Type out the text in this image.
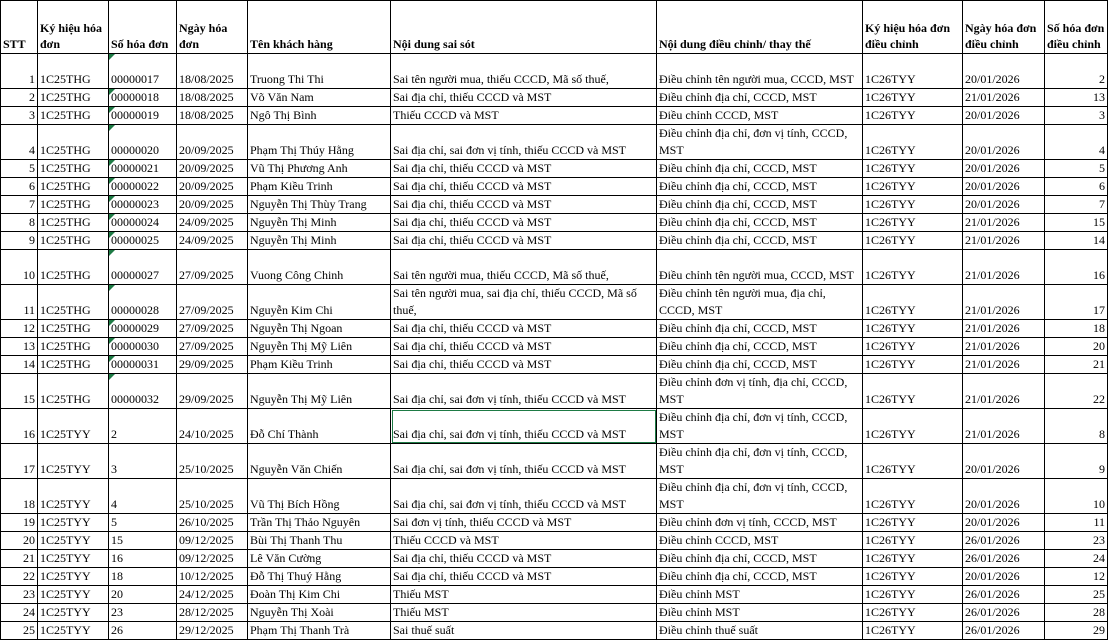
STT	Ký hiệu hóa đơn	Số hóa đơn	Ngày hóa đơn	Tên khách hàng	Nội dung sai sót	Nội dung điều chỉnh/ thay thế	Ký hiệu hóa đơn điều chỉnh	Ngày hóa đơn điều chỉnh	Số hóa đơn điều chỉnh
1	1C25THG	00000017	18/08/2025	Truong Thi Thi	Sai tên người mua, thiếu CCCD, Mã số thuế,	Điều chỉnh tên người mua, CCCD, MST	1C26TYY	20/01/2026	2
2	1C25THG	00000018	18/08/2025	Võ Văn Nam	Sai địa chỉ, thiếu CCCD và MST	Điều chỉnh địa chỉ, CCCD, MST	1C26TYY	21/01/2026	13
3	1C25THG	00000019	18/08/2025	Ngô Thị Bình	Thiếu CCCD và MST	Điều chỉnh CCCD, MST	1C26TYY	20/01/2026	3
4	1C25THG	00000020	20/09/2025	Phạm Thị Thúy Hằng	Sai địa chỉ, sai đơn vị tính, thiếu CCCD và MST	Điều chỉnh địa chỉ, đơn vị tính, CCCD, MST	1C26TYY	20/01/2026	4
5	1C25THG	00000021	20/09/2025	Vũ Thị Phương Anh	Sai địa chỉ, thiếu CCCD và MST	Điều chỉnh địa chỉ, CCCD, MST	1C26TYY	20/01/2026	5
6	1C25THG	00000022	20/09/2025	Phạm Kiều Trinh	Sai địa chỉ, thiếu CCCD và MST	Điều chỉnh địa chỉ, CCCD, MST	1C26TYY	20/01/2026	6
7	1C25THG	00000023	20/09/2025	Nguyễn Thị Thùy Trang	Sai địa chỉ, thiếu CCCD và MST	Điều chỉnh địa chỉ, CCCD, MST	1C26TYY	20/01/2026	7
8	1C25THG	00000024	24/09/2025	Nguyễn Thị Minh	Sai địa chỉ, thiếu CCCD và MST	Điều chỉnh địa chỉ, CCCD, MST	1C26TYY	21/01/2026	15
9	1C25THG	00000025	24/09/2025	Nguyễn Thị Minh	Sai địa chỉ, thiếu CCCD và MST	Điều chỉnh địa chỉ, CCCD, MST	1C26TYY	21/01/2026	14
10	1C25THG	00000027	27/09/2025	Vuong Công Chinh	Sai tên người mua, thiếu CCCD, Mã số thuế,	Điều chỉnh tên người mua, CCCD, MST	1C26TYY	21/01/2026	16
11	1C25THG	00000028	27/09/2025	Nguyễn Kim Chi	Sai tên người mua, sai địa chỉ, thiếu CCCD, Mã số thuế,	Điều chỉnh tên người mua, địa chỉ, CCCD, MST	1C26TYY	21/01/2026	17
12	1C25THG	00000029	27/09/2025	Nguyễn Thị Ngoan	Sai địa chỉ, thiếu CCCD và MST	Điều chỉnh địa chỉ, CCCD, MST	1C26TYY	21/01/2026	18
13	1C25THG	00000030	27/09/2025	Nguyễn Thị Mỹ Liên	Sai địa chỉ, thiếu CCCD và MST	Điều chỉnh địa chỉ, CCCD, MST	1C26TYY	21/01/2026	20
14	1C25THG	00000031	29/09/2025	Phạm Kiều Trinh	Sai địa chỉ, thiếu CCCD và MST	Điều chỉnh địa chỉ, CCCD, MST	1C26TYY	21/01/2026	21
15	1C25THG	00000032	29/09/2025	Nguyễn Thị Mỹ Liên	Sai địa chỉ, sai đơn vị tính, thiếu CCCD và MST	Điều chỉnh đơn vị tính, địa chỉ, CCCD, MST	1C26TYY	21/01/2026	22
16	1C25TYY	2	24/10/2025	Đỗ Chí Thành	Sai địa chỉ, sai đơn vị tính, thiếu CCCD và MST	Điều chỉnh địa chỉ, đơn vị tính, CCCD, MST	1C26TYY	21/01/2026	8
17	1C25TYY	3	25/10/2025	Nguyễn Văn Chiến	Sai địa chỉ, sai đơn vị tính, thiếu CCCD và MST	Điều chỉnh địa chỉ, đơn vị tính, CCCD, MST	1C26TYY	20/01/2026	9
18	1C25TYY	4	25/10/2025	Vũ Thị Bích Hồng	Sai địa chỉ, sai đơn vị tính, thiếu CCCD và MST	Điều chỉnh địa chỉ, đơn vị tính, CCCD, MST	1C26TYY	20/01/2026	10
19	1C25TYY	5	26/10/2025	Trần Thị Thảo Nguyên	Sai đơn vị tính, thiếu CCCD và MST	Điều chỉnh đơn vị tính, CCCD, MST	1C26TYY	20/01/2026	11
20	1C25TYY	15	09/12/2025	Bùi Thị Thanh Thu	Thiếu CCCD và MST	Điều chỉnh CCCD, MST	1C26TYY	26/01/2026	23
21	1C25TYY	16	09/12/2025	Lê Văn Cường	Sai địa chỉ, thiếu CCCD và MST	Điều chỉnh địa chỉ, CCCD, MST	1C26TYY	26/01/2026	24
22	1C25TYY	18	10/12/2025	Đỗ Thị Thuý Hằng	Sai địa chỉ, thiếu CCCD và MST	Điều chỉnh địa chỉ, CCCD, MST	1C26TYY	20/01/2026	12
23	1C25TYY	20	24/12/2025	Đoàn Thị Kim Chi	Thiếu MST	Điều chỉnh MST	1C26TYY	26/01/2026	25
24	1C25TYY	23	28/12/2025	Nguyễn Thị Xoài	Thiếu MST	Điều chỉnh MST	1C26TYY	26/01/2026	28
25	1C25TYY	26	29/12/2025	Phạm Thị Thanh Trà	Sai thuế suất	Điều chỉnh thuế suất	1C26TYY	26/01/2026	29
